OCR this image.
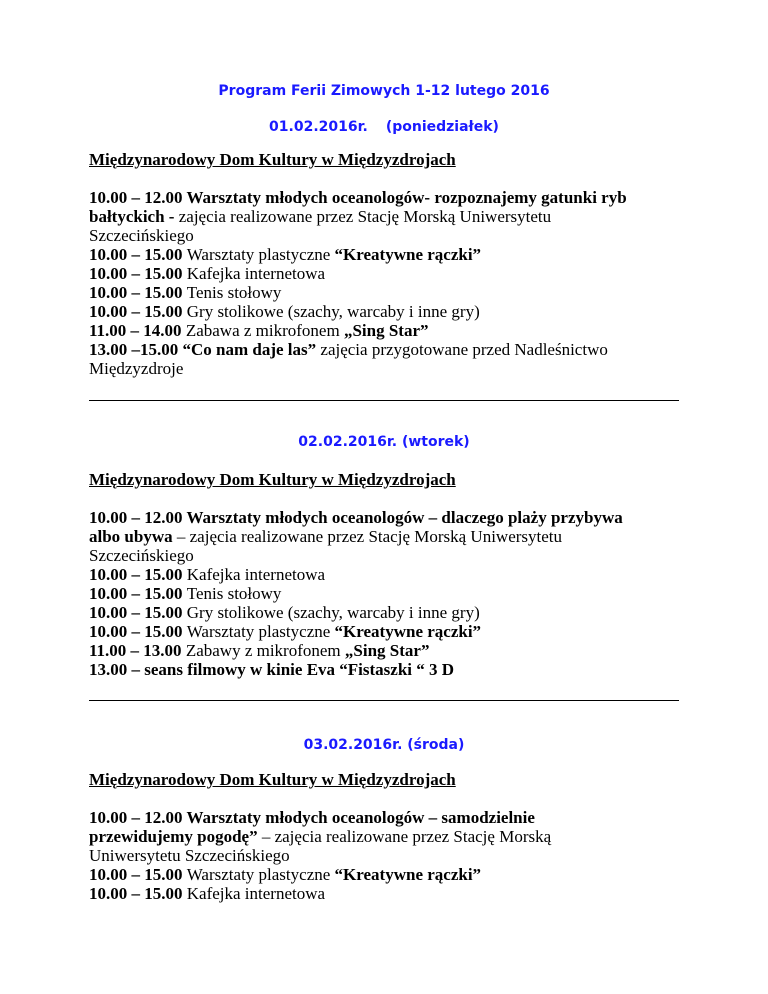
Program Ferii Zimowych 1-12 lutego 2016
01.02.2016r. (poniedziałek)
Międzynarodowy Dom Kultury w Międzyzdrojach

10.00 – 12.00 Warsztaty młodych oceanologów- rozpoznajemy gatunki ryb

bałtyckich - zajęcia realizowane przez Stację Morską Uniwersytetu

Szczecińskiego

10.00 – 15.00 Warsztaty plastyczne “Kreatywne rączki”

10.00 – 15.00 Kafejka internetowa

10.00 – 15.00 Tenis stołowy

10.00 – 15.00 Gry stolikowe (szachy, warcaby i inne gry)

11.00 – 14.00 Zabawa z mikrofonem „Sing Star”

13.00 –15.00 “Co nam daje las” zajęcia przygotowane przed Nadleśnictwo

Międzyzdroje

02.02.2016r. (wtorek)
Międzynarodowy Dom Kultury w Międzyzdrojach

10.00 – 12.00 Warsztaty młodych oceanologów – dlaczego plaży przybywa

albo ubywa – zajęcia realizowane przez Stację Morską Uniwersytetu

Szczecińskiego

10.00 – 15.00 Kafejka internetowa

10.00 – 15.00 Tenis stołowy

10.00 – 15.00 Gry stolikowe (szachy, warcaby i inne gry)

10.00 – 15.00 Warsztaty plastyczne “Kreatywne rączki”

11.00 – 13.00 Zabawy z mikrofonem „Sing Star”

13.00 – seans filmowy w kinie Eva “Fistaszki “ 3 D

03.02.2016r. (środa)
Międzynarodowy Dom Kultury w Międzyzdrojach

10.00 – 12.00 Warsztaty młodych oceanologów – samodzielnie

przewidujemy pogodę” – zajęcia realizowane przez Stację Morską

Uniwersytetu Szczecińskiego

10.00 – 15.00 Warsztaty plastyczne “Kreatywne rączki”

10.00 – 15.00 Kafejka internetowa
